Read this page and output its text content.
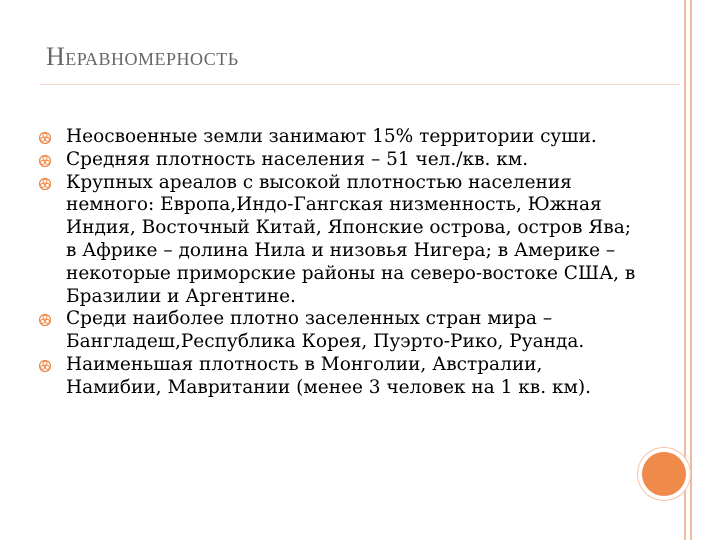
Неравномерность
Неосвоенные земли занимают 15% территории суши.
Средняя плотность населения – 51 чел./кв. км.
Крупных ареалов с высокой плотностью населения немного: Европа,Индо-Гангская низменность, Южная Индия, Восточный Китай, Японские острова, остров Ява; в Африке – долина Нила и низовья Нигера; в Америке – некоторые приморские районы на северо-востоке США, в Бразилии и Аргентине.
Среди наиболее плотно заселенных стран мира – Бангладеш,Республика Корея, Пуэрто-Рико, Руанда.
Наименьшая плотность в Монголии, Австралии, Намибии, Мавритании (менее 3 человек на 1 кв. км).
